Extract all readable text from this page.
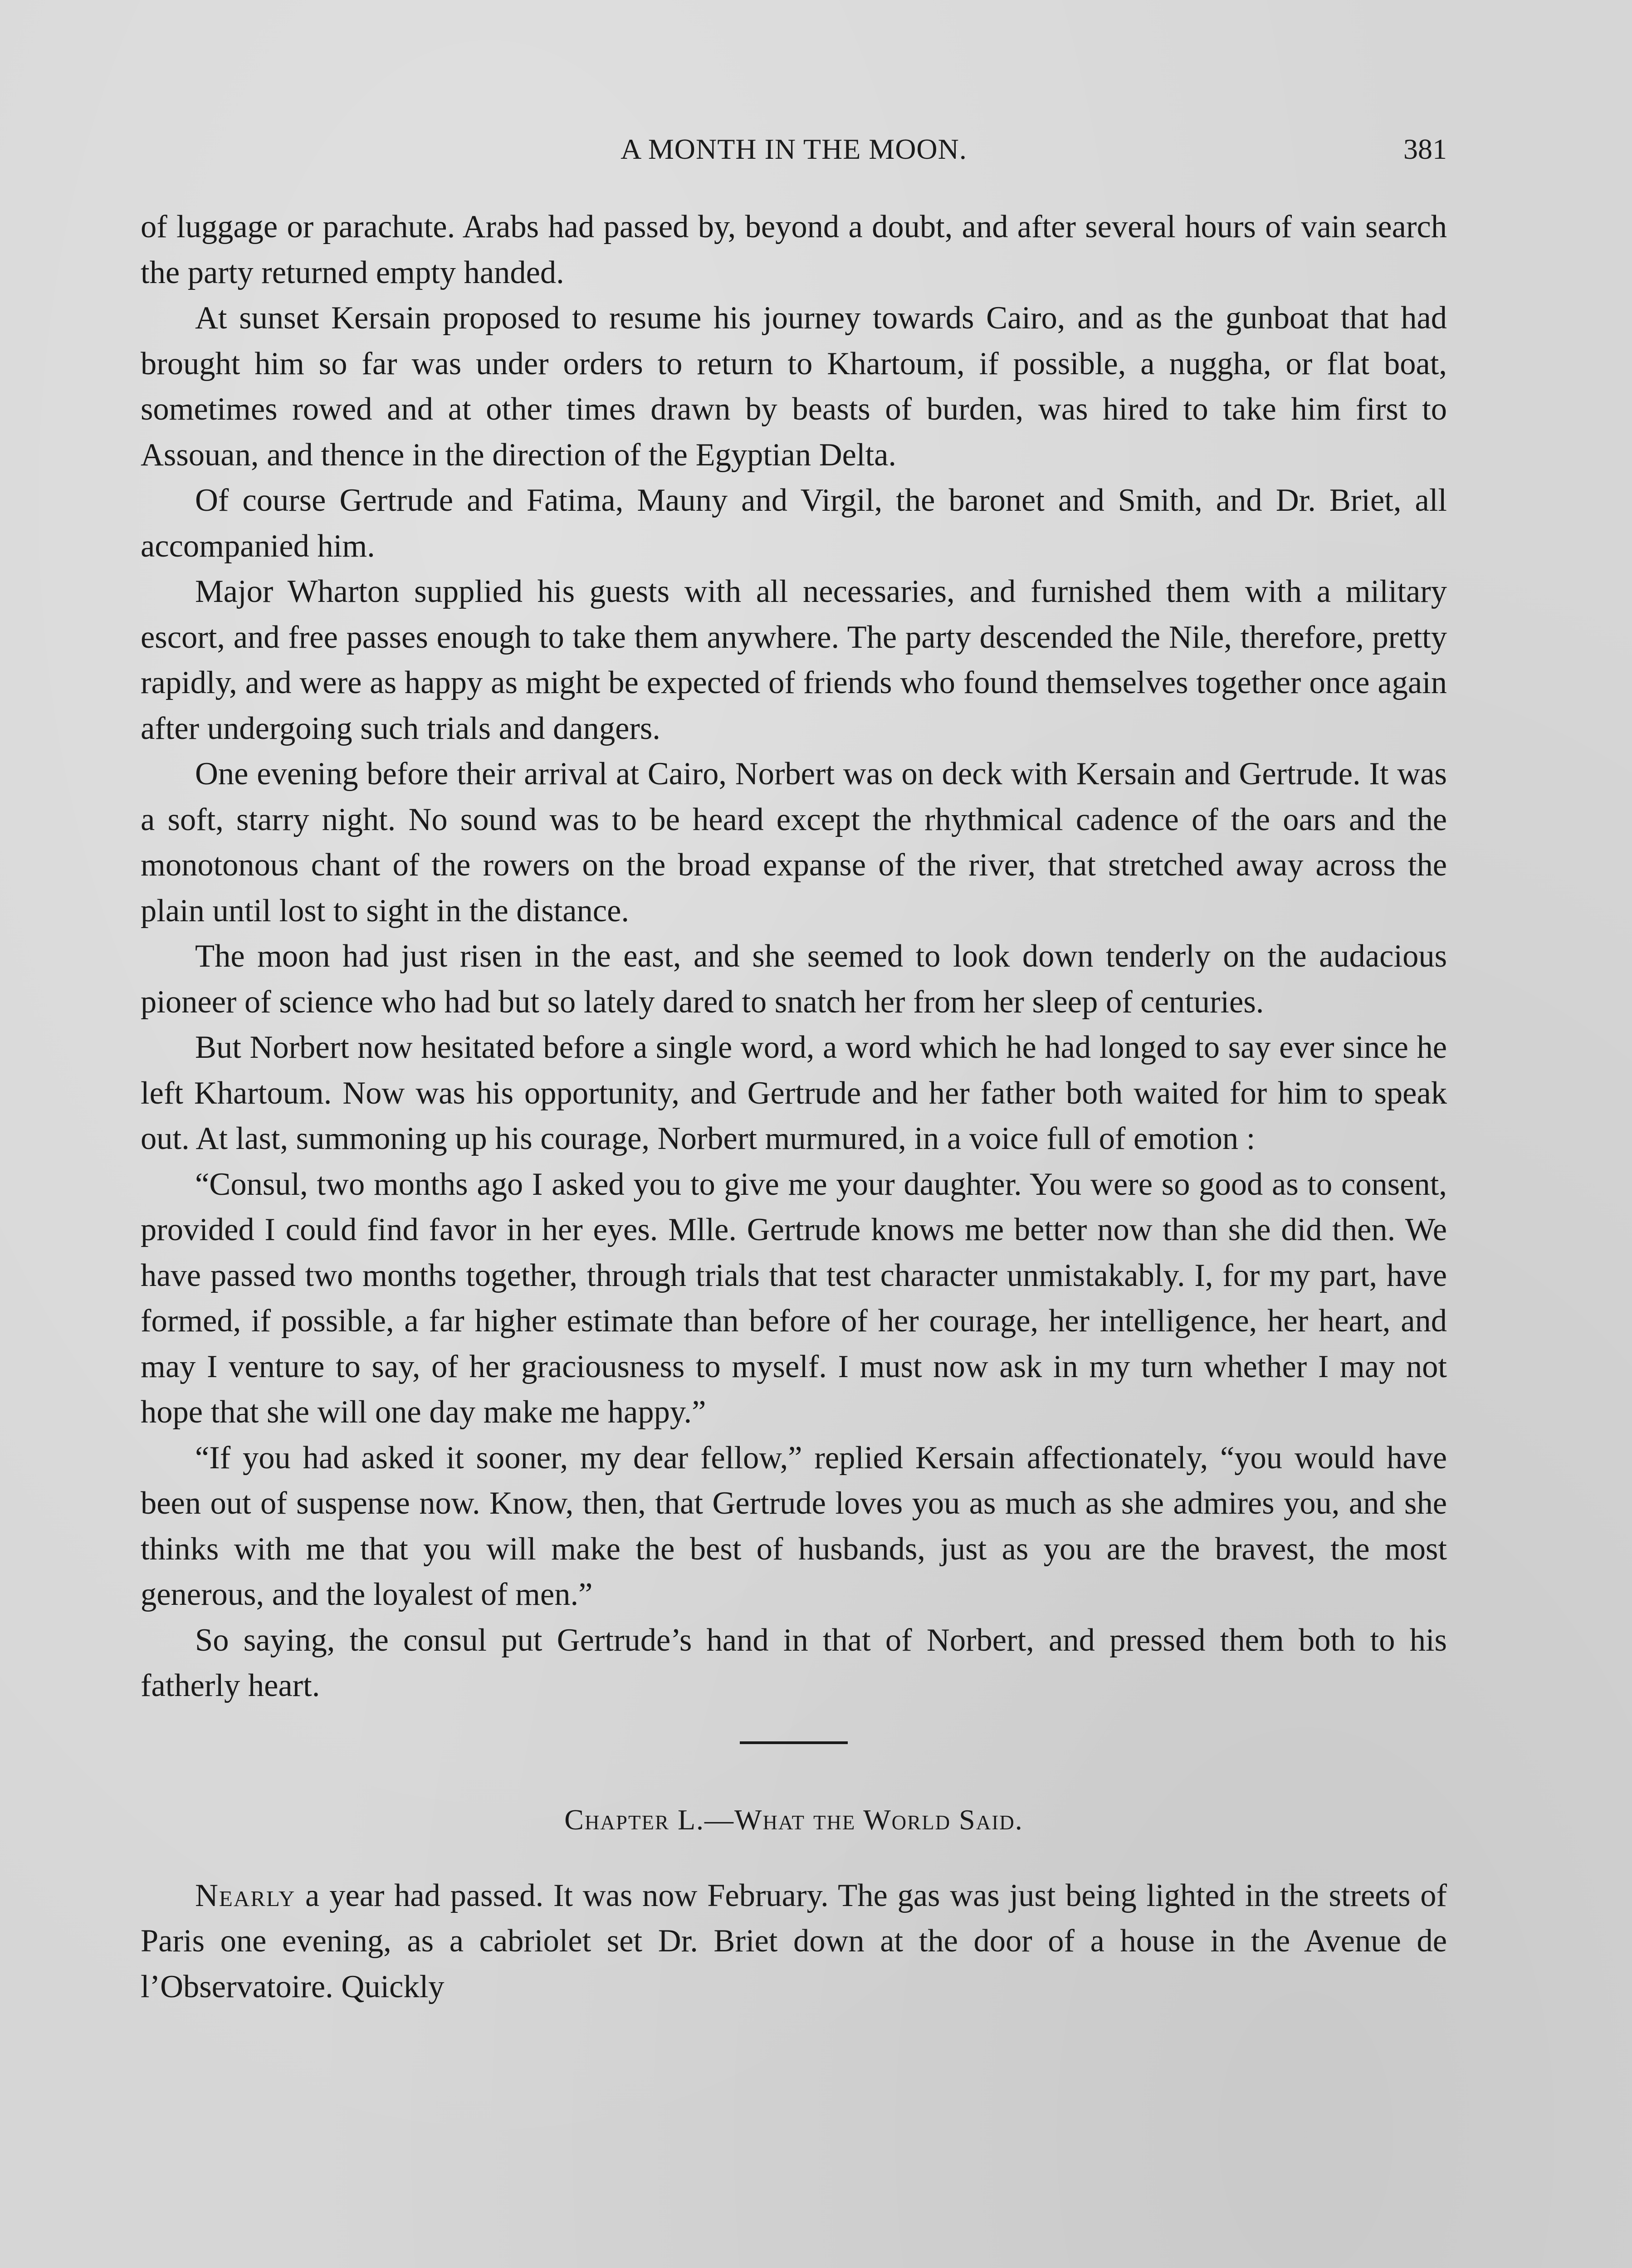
A MONTH IN THE MOON.	381

of luggage or parachute. Arabs had passed by, beyond a doubt, and after several hours of vain search the party returned empty handed.

At sunset Kersain proposed to resume his journey towards Cairo, and as the gunboat that had brought him so far was under orders to return to Khartoum, if possible, a nuggha, or flat boat, sometimes rowed and at other times drawn by beasts of burden, was hired to take him first to Assouan, and thence in the direction of the Egyptian Delta.

Of course Gertrude and Fatima, Mauny and Virgil, the baronet and Smith, and Dr. Briet, all accompanied him.

Major Wharton supplied his guests with all necessaries, and furnished them with a military escort, and free passes enough to take them anywhere. The party descended the Nile, therefore, pretty rapidly, and were as happy as might be expected of friends who found themselves together once again after undergoing such trials and dangers.

One evening before their arrival at Cairo, Norbert was on deck with Kersain and Gertrude. It was a soft, starry night. No sound was to be heard except the rhythmical cadence of the oars and the monotonous chant of the rowers on the broad expanse of the river, that stretched away across the plain until lost to sight in the distance.

The moon had just risen in the east, and she seemed to look down tenderly on the audacious pioneer of science who had but so lately dared to snatch her from her sleep of centuries.

But Norbert now hesitated before a single word, a word which he had longed to say ever since he left Khartoum. Now was his opportunity, and Gertrude and her father both waited for him to speak out. At last, summoning up his courage, Norbert murmured, in a voice full of emotion :

“Consul, two months ago I asked you to give me your daughter. You were so good as to consent, provided I could find favor in her eyes. Mlle. Gertrude knows me better now than she did then. We have passed two months together, through trials that test character unmistakably. I, for my part, have formed, if possible, a far higher estimate than before of her courage, her intelligence, her heart, and may I venture to say, of her graciousness to myself. I must now ask in my turn whether I may not hope that she will one day make me happy.”

“If you had asked it sooner, my dear fellow,” replied Kersain affectionately, “you would have been out of suspense now. Know, then, that Gertrude loves you as much as she admires you, and she thinks with me that you will make the best of husbands, just as you are the bravest, the most generous, and the loyalest of men.”

So saying, the consul put Gertrude’s hand in that of Norbert, and pressed them both to his fatherly heart.

Chapter L.—What the World Said.

Nearly a year had passed. It was now February. The gas was just being lighted in the streets of Paris one evening, as a cabriolet set Dr. Briet down at the door of a house in the Avenue de l’Observatoire. Quickly
